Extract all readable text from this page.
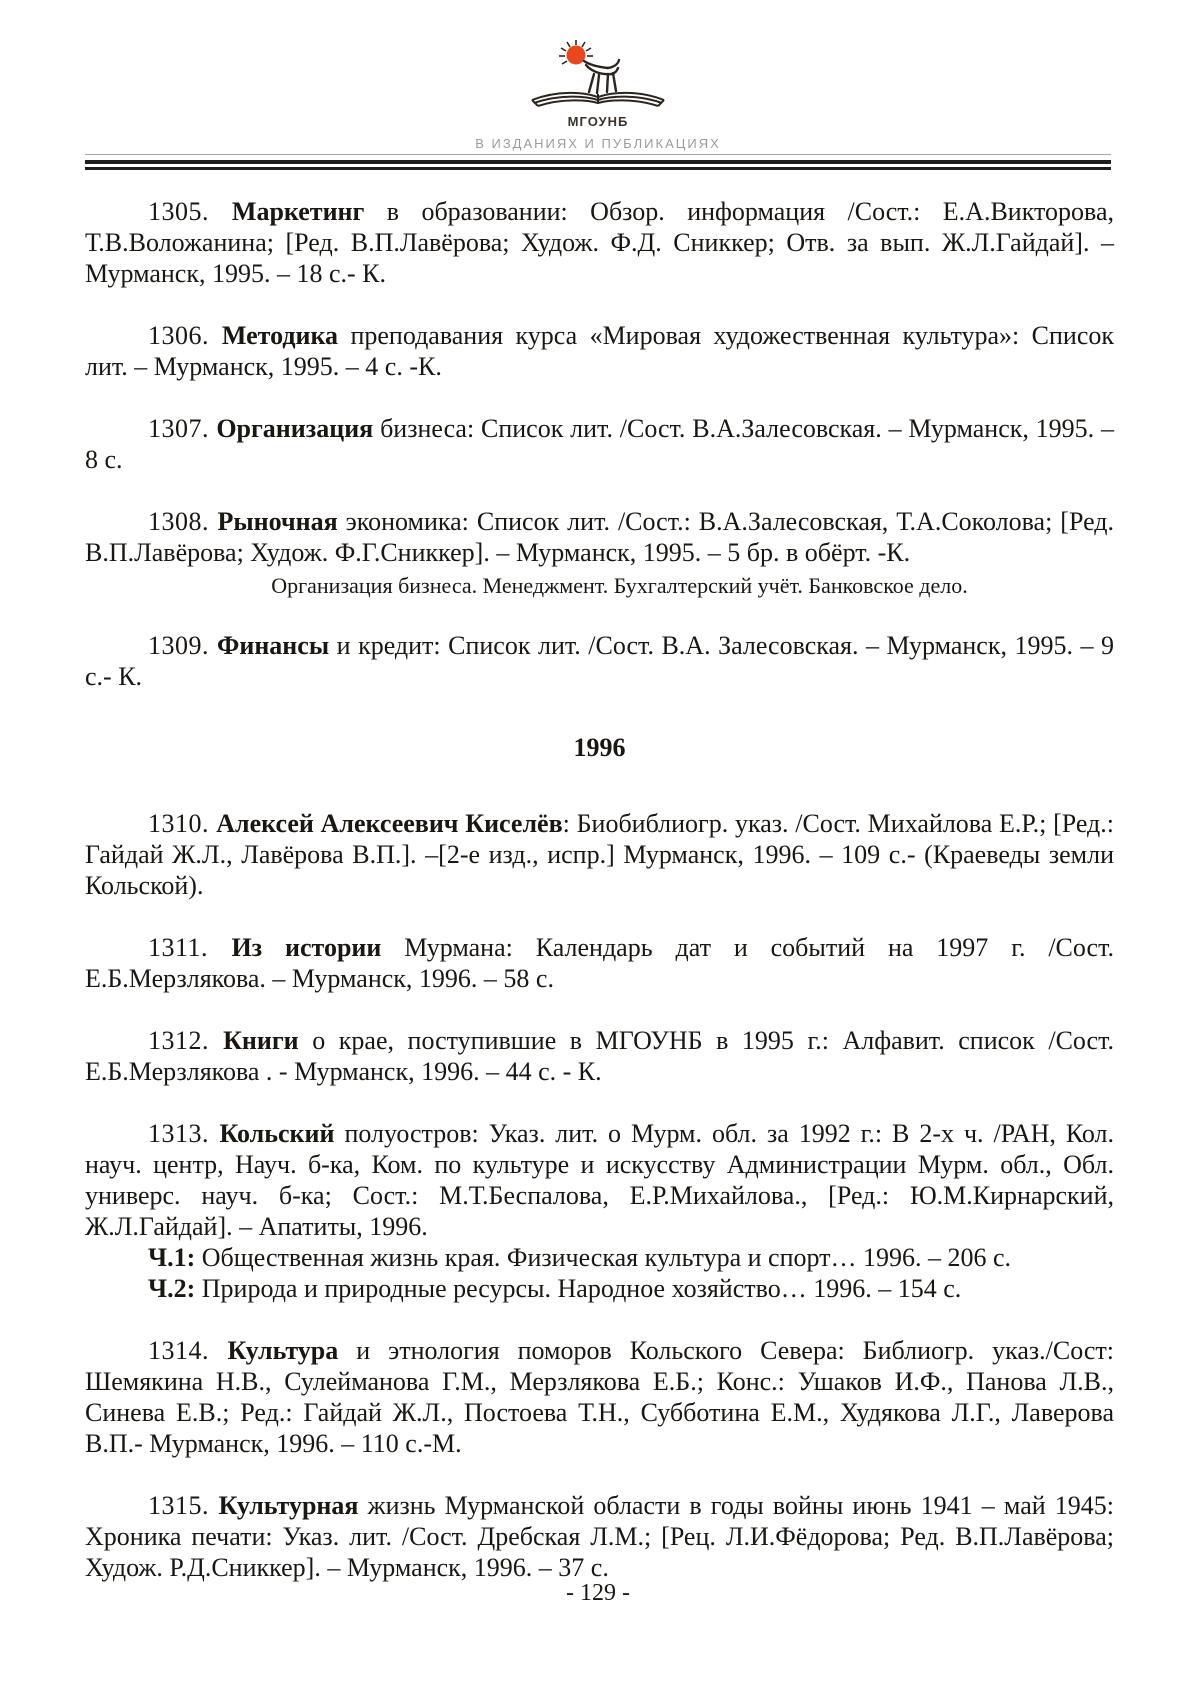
МГОУНБ
В ИЗДАНИЯХ И ПУБЛИКАЦИЯХ

1305. Маркетинг в образовании: Обзор. информация /Сост.: Е.А.Викторова, Т.В.Воложанина; [Ред. В.П.Лавёрова; Худож. Ф.Д. Сниккер; Отв. за вып. Ж.Л.Гайдай]. – Мурманск, 1995. – 18 с.- К.

1306. Методика преподавания курса «Мировая художественная культура»: Список лит. – Мурманск, 1995. – 4 с. -К.

1307. Организация бизнеса: Список лит. /Сост. В.А.Залесовская. – Мурманск, 1995. – 8 с.

1308. Рыночная экономика: Список лит. /Сост.: В.А.Залесовская, Т.А.Соколова; [Ред. В.П.Лавёрова; Худож. Ф.Г.Сниккер]. – Мурманск, 1995. – 5 бр. в обёрт. -К.

Организация бизнеса. Менеджмент. Бухгалтерский учёт. Банковское дело.

1309. Финансы и кредит: Список лит. /Сост. В.А. Залесовская. – Мурманск, 1995. – 9 с.- К.

1996

1310. Алексей Алексеевич Киселёв: Биобиблиогр. указ. /Сост. Михайлова Е.Р.; [Ред.: Гайдай Ж.Л., Лавёрова В.П.]. –[2-е изд., испр.] Мурманск, 1996. – 109 с.- (Краеведы земли Кольской).

1311. Из истории Мурмана: Календарь дат и событий на 1997 г. /Сост. Е.Б.Мерзлякова. – Мурманск, 1996. – 58 с.

1312. Книги о крае, поступившие в МГОУНБ в 1995 г.: Алфавит. список /Сост. Е.Б.Мерзлякова . - Мурманск, 1996. – 44 с. - К.

1313. Кольский полуостров: Указ. лит. о Мурм. обл. за 1992 г.: В 2-х ч. /РАН, Кол. науч. центр, Науч. б-ка, Ком. по культуре и искусству Администрации Мурм. обл., Обл. универс. науч. б-ка; Сост.: М.Т.Беспалова, Е.Р.Михайлова., [Ред.: Ю.М.Кирнарский, Ж.Л.Гайдай]. – Апатиты, 1996.

Ч.1: Общественная жизнь края. Физическая культура и спорт… 1996. – 206 с.
Ч.2: Природа и природные ресурсы. Народное хозяйство… 1996. – 154 с.

1314. Культура и этнология поморов Кольского Севера: Библиогр. указ./Сост: Шемякина Н.В., Сулейманова Г.М., Мерзлякова Е.Б.; Конс.: Ушаков И.Ф., Панова Л.В., Синева Е.В.; Ред.: Гайдай Ж.Л., Постоева Т.Н., Субботина Е.М., Худякова Л.Г., Лаверова В.П.- Мурманск, 1996. – 110 с.-М.

1315. Культурная жизнь Мурманской области в годы войны июнь 1941 – май 1945: Хроника печати: Указ. лит. /Сост. Дребская Л.М.; [Рец. Л.И.Фёдорова; Ред. В.П.Лавёрова; Худож. Р.Д.Сниккер]. – Мурманск, 1996. – 37 с.

- 129 -
